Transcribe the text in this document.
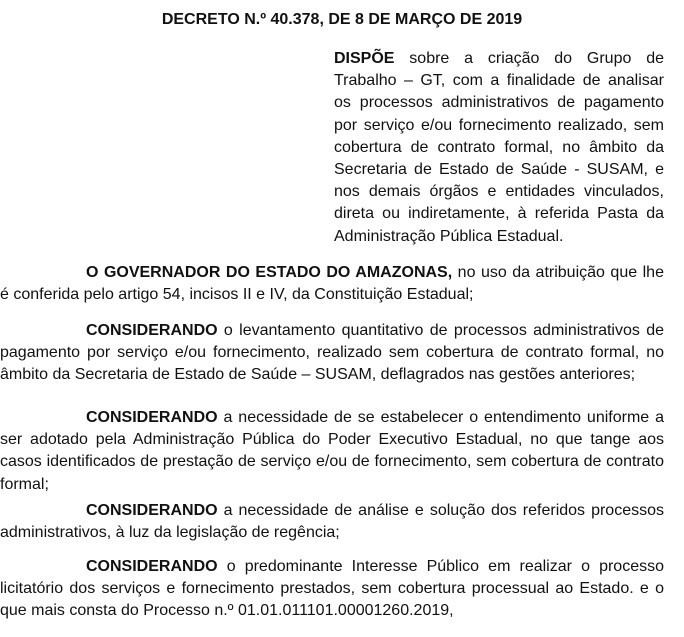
DECRETO N.º 40.378, DE 8 DE MARÇO DE 2019
DISPÕE sobre a criação do Grupo de Trabalho – GT, com a finalidade de analisar os processos administrativos de pagamento por serviço e/ou fornecimento realizado, sem cobertura de contrato formal, no âmbito da Secretaria de Estado de Saúde - SUSAM, e nos demais órgãos e entidades vinculados, direta ou indiretamente, à referida Pasta da Administração Pública Estadual.
O GOVERNADOR DO ESTADO DO AMAZONAS, no uso da atribuição que lhe é conferida pelo artigo 54, incisos II e IV, da Constituição Estadual;
CONSIDERANDO o levantamento quantitativo de processos administrativos de pagamento por serviço e/ou fornecimento, realizado sem cobertura de contrato formal, no âmbito da Secretaria de Estado de Saúde – SUSAM, deflagrados nas gestões anteriores;
CONSIDERANDO a necessidade de se estabelecer o entendimento uniforme a ser adotado pela Administração Pública do Poder Executivo Estadual, no que tange aos casos identificados de prestação de serviço e/ou de fornecimento, sem cobertura de contrato formal;
CONSIDERANDO a necessidade de análise e solução dos referidos processos administrativos, à luz da legislação de regência;
CONSIDERANDO o predominante Interesse Público em realizar o processo licitatório dos serviços e fornecimento prestados, sem cobertura processual ao Estado. e o que mais consta do Processo n.º 01.01.011101.00001260.2019,
